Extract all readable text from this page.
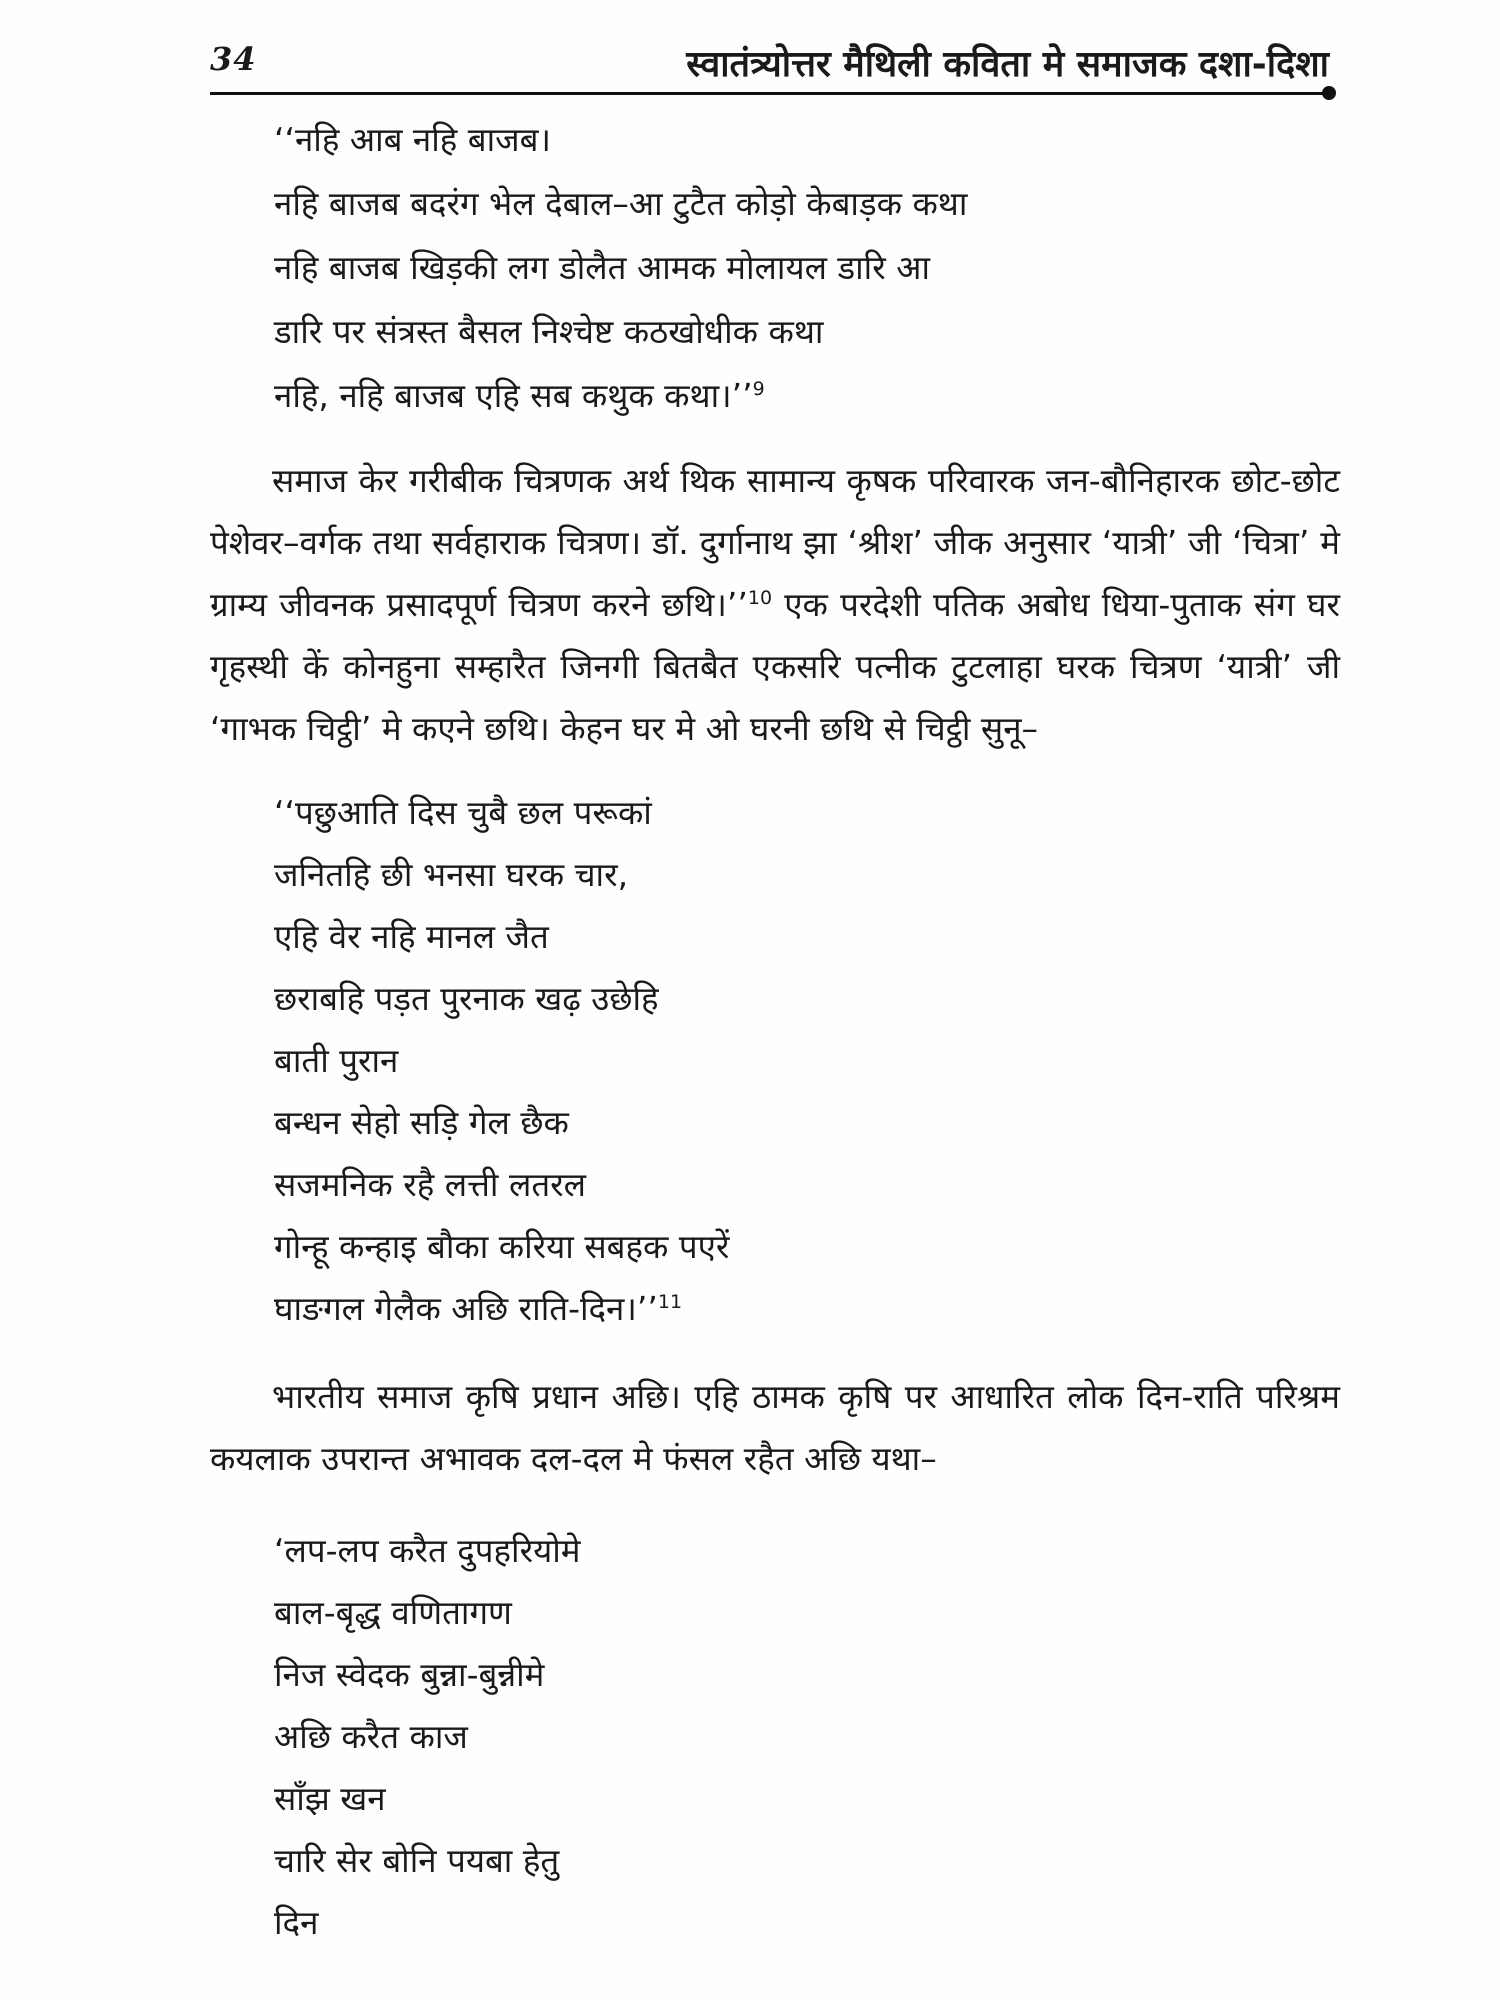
34	स्वातंत्र्योत्तर मैथिली कविता मे समाजक दशा-दिशा
‘‘नहि आब नहि बाजब।
नहि बाजब बदरंग भेल देबाल–आ टुटैत कोड़ो केबाड़क कथा
नहि बाजब खिड़की लग डोलैत आमक मोलायल डारि आ
डारि पर संत्रस्त बैसल निश्चेष्ट कठखोधीक कथा
नहि, नहि बाजब एहि सब कथुक कथा।’’$^9$

समाज केर गरीबीक चित्रणक अर्थ थिक सामान्य कृषक परिवारक जन-बौनिहारक छोट-छोट पेशेवर–वर्गक तथा सर्वहाराक चित्रण। डॉ. दुर्गानाथ झा ‘श्रीश’ जीक अनुसार ‘यात्री’ जी ‘चित्रा’ मे ग्राम्य जीवनक प्रसादपूर्ण चित्रण करने छथि।’’$^{10}$ एक परदेशी पतिक अबोध धिया-पुताक संग घर गृहस्थी कें कोनहुना सम्हारैत जिनगी बितबैत एकसरि पत्नीक टुटलाहा घरक चित्रण ‘यात्री’ जी ‘गाभक चिट्ठी’ मे कएने छथि। केहन घर मे ओ घरनी छथि से चिट्ठी सुनू–

‘‘पछुआति दिस चुबै छल परूकां
जनितहि छी भनसा घरक चार,
एहि वेर नहि मानल जैत
छराबहि पड़त पुरनाक खढ़ उछेहि
बाती पुरान
बन्धन सेहो सड़ि गेल छैक
सजमनिक रहै लत्ती लतरल
गोन्हू कन्हाइ बौका करिया सबहक पएरें
घाङगल गेलैक अछि राति-दिन।’’$^{11}$

भारतीय समाज कृषि प्रधान अछि। एहि ठामक कृषि पर आधारित लोक दिन-राति परिश्रम कयलाक उपरान्त अभावक दल-दल मे फंसल रहैत अछि यथा–

‘लप-लप करैत दुपहरियोमे
बाल-बृद्ध वणितागण
निज स्वेदक बुन्ना-बुन्नीमे
अछि करैत काज
साँझ खन
चारि सेर बोनि पयबा हेतु
दिन
